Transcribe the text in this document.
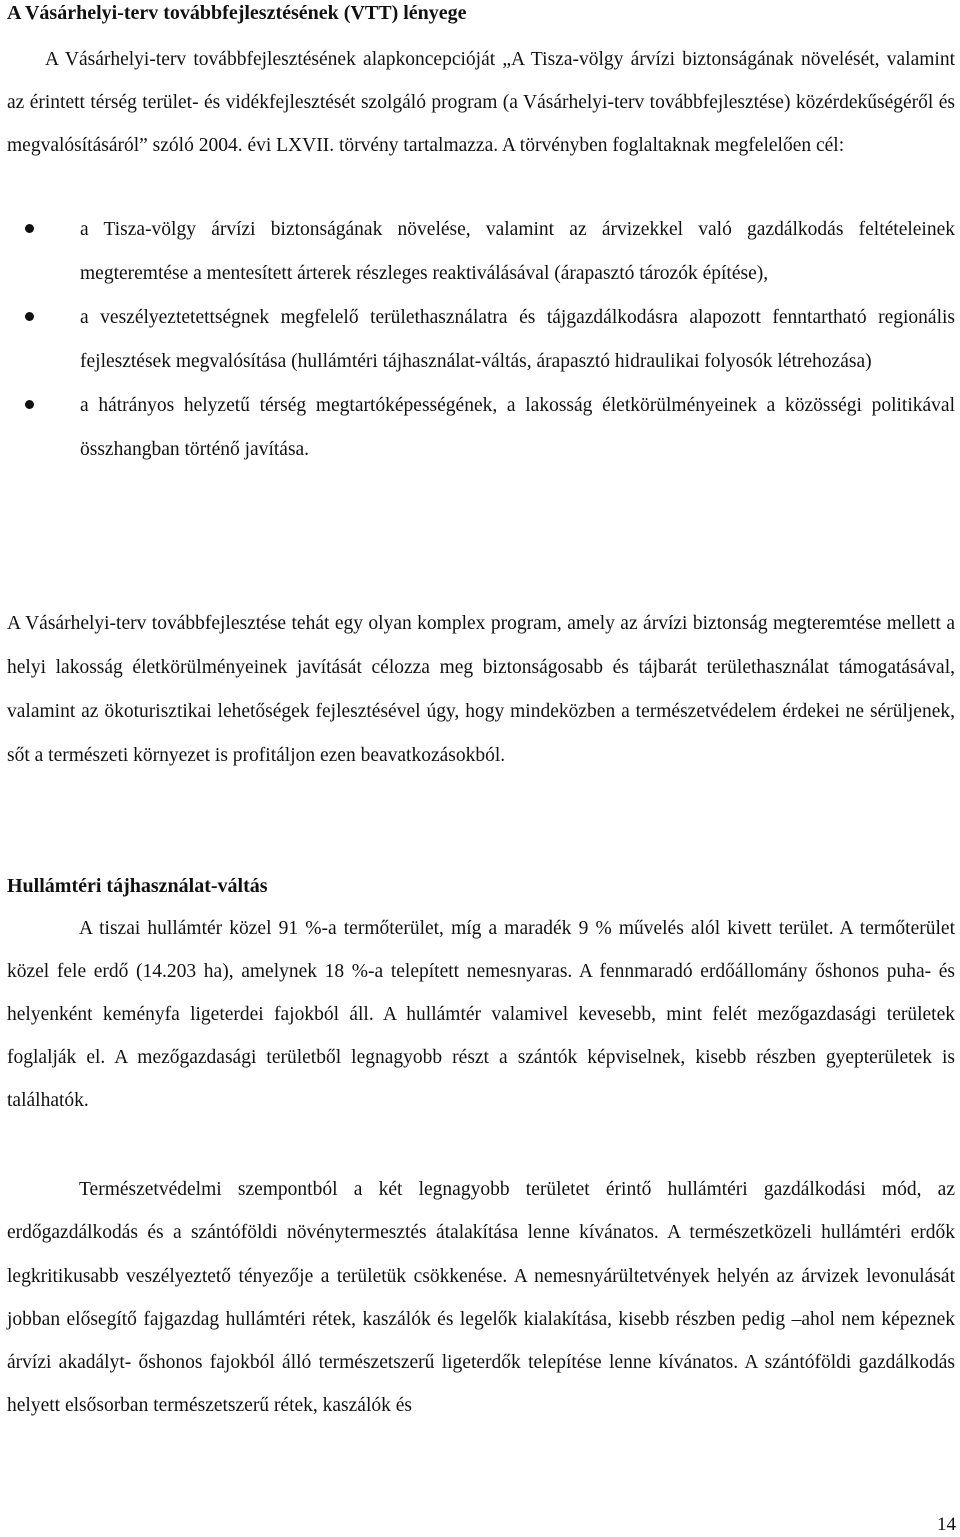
A Vásárhelyi-terv továbbfejlesztésének (VTT) lényege

A Vásárhelyi-terv továbbfejlesztésének alapkoncepcióját „A Tisza-völgy árvízi biztonságának növelését, valamint az érintett térség terület- és vidékfejlesztését szolgáló program (a Vásárhelyi-terv továbbfejlesztése) közérdekűségéről és megvalósításáról” szóló 2004. évi LXVII. törvény tartalmazza. A törvényben foglaltaknak megfelelően cél:

a Tisza-völgy árvízi biztonságának növelése, valamint az árvizekkel való gazdálkodás feltételeinek megteremtése a mentesített árterek részleges reaktiválásával (árapasztó tározók építése),
a veszélyeztetettségnek megfelelő területhasználatra és tájgazdálkodásra alapozott fenntartható regionális fejlesztések megvalósítása (hullámtéri tájhasználat-váltás, árapasztó hidraulikai folyosók létrehozása)
a hátrányos helyzetű térség megtartóképességének, a lakosság életkörülményeinek a közösségi politikával összhangban történő javítása.

A Vásárhelyi-terv továbbfejlesztése tehát egy olyan komplex program, amely az árvízi biztonság megteremtése mellett a helyi lakosság életkörülményeinek javítását célozza meg biztonságosabb és tájbarát területhasználat támogatásával, valamint az ökoturisztikai lehetőségek fejlesztésével úgy, hogy mindeközben a természetvédelem érdekei ne sérüljenek, sőt a természeti környezet is profitáljon ezen beavatkozásokból.

Hullámtéri tájhasználat-váltás

A tiszai hullámtér közel 91 %-a termőterület, míg a maradék 9 % művelés alól kivett terület. A termőterület közel fele erdő (14.203 ha), amelynek 18 %-a telepített nemesnyaras. A fennmaradó erdőállomány őshonos puha- és helyenként keményfa ligeterdei fajokból áll. A hullámtér valamivel kevesebb, mint felét mezőgazdasági területek foglalják el. A mezőgazdasági területből legnagyobb részt a szántók képviselnek, kisebb részben gyepterületek is találhatók.

Természetvédelmi szempontból a két legnagyobb területet érintő hullámtéri gazdálkodási mód, az erdőgazdálkodás és a szántóföldi növénytermesztés átalakítása lenne kívánatos. A természetközeli hullámtéri erdők legkritikusabb veszélyeztető tényezője a területük csökkenése. A nemesnyárültetvények helyén az árvizek levonulását jobban elősegítő fajgazdag hullámtéri rétek, kaszálók és legelők kialakítása, kisebb részben pedig –ahol nem képeznek árvízi akadályt- őshonos fajokból álló természetszerű ligeterdők telepítése lenne kívánatos. A szántóföldi gazdálkodás helyett elsősorban természetszerű rétek, kaszálók és

14
